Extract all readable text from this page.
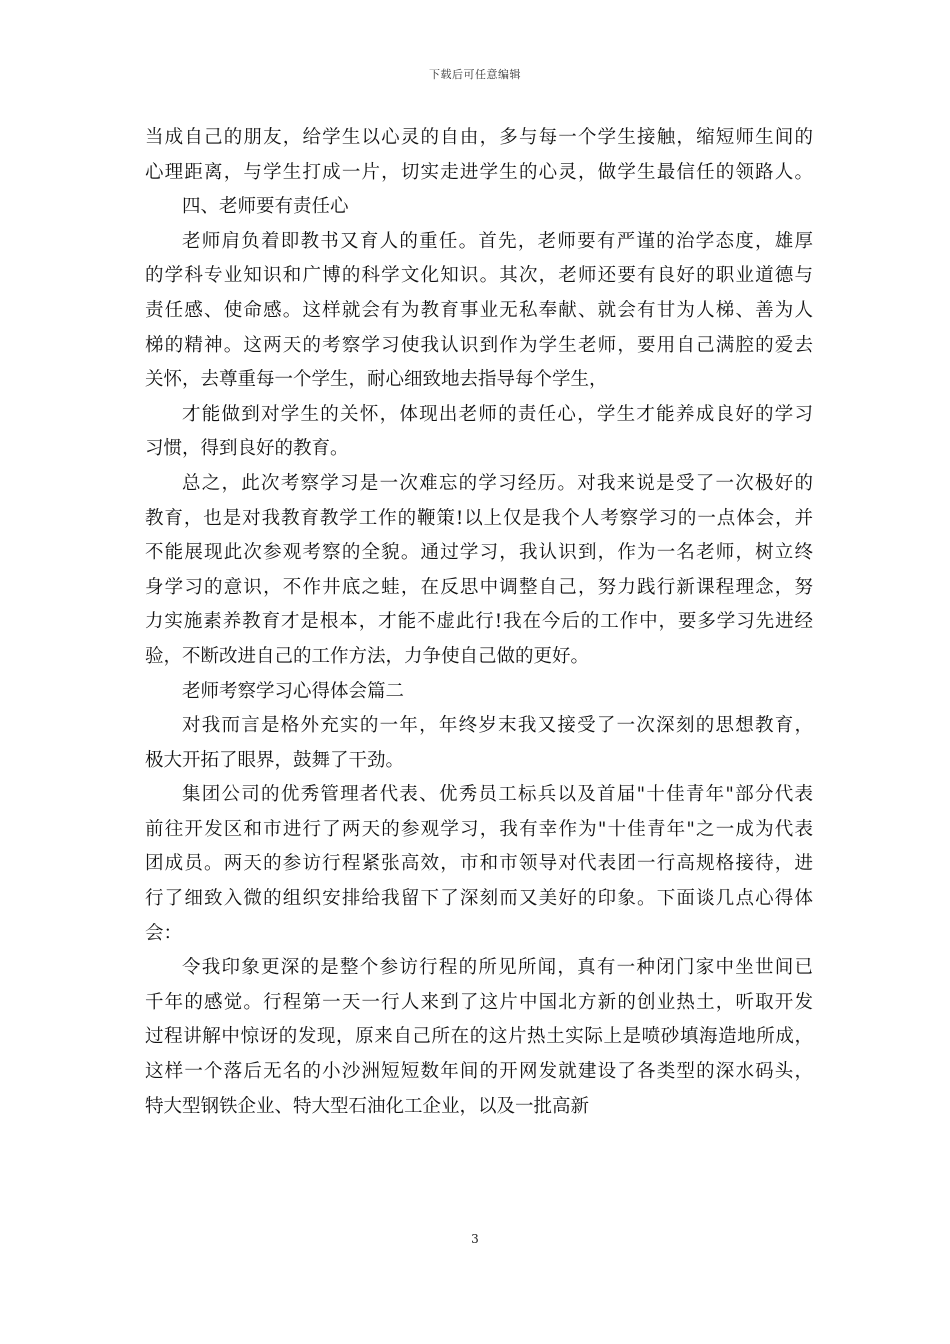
下载后可任意编辑
当成自己的朋友，给学生以心灵的自由，多与每一个学生接触，缩短师生间的
心理距离，与学生打成一片，切实走进学生的心灵，做学生最信任的领路人。
四、老师要有责任心
老师肩负着即教书又育人的重任。首先，老师要有严谨的治学态度，雄厚
的学科专业知识和广博的科学文化知识。其次，老师还要有良好的职业道德与
责任感、使命感。这样就会有为教育事业无私奉献、就会有甘为人梯、善为人
梯的精神。这两天的考察学习使我认识到作为学生老师，要用自己满腔的爱去
关怀，去尊重每一个学生，耐心细致地去指导每个学生，
才能做到对学生的关怀，体现出老师的责任心，学生才能养成良好的学习
习惯，得到良好的教育。
总之，此次考察学习是一次难忘的学习经历。对我来说是受了一次极好的
教育，也是对我教育教学工作的鞭策!以上仅是我个人考察学习的一点体会，并
不能展现此次参观考察的全貌。通过学习，我认识到，作为一名老师，树立终
身学习的意识，不作井底之蛙，在反思中调整自己，努力践行新课程理念，努
力实施素养教育才是根本，才能不虚此行!我在今后的工作中，要多学习先进经
验，不断改进自己的工作方法，力争使自己做的更好。
老师考察学习心得体会篇二
对我而言是格外充实的一年，年终岁末我又接受了一次深刻的思想教育，
极大开拓了眼界，鼓舞了干劲。
集团公司的优秀管理者代表、优秀员工标兵以及首届"十佳青年"部分代表
前往开发区和市进行了两天的参观学习，我有幸作为"十佳青年"之一成为代表
团成员。两天的参访行程紧张高效，市和市领导对代表团一行高规格接待，进
行了细致入微的组织安排给我留下了深刻而又美好的印象。下面谈几点心得体
会：
令我印象更深的是整个参访行程的所见所闻，真有一种闭门家中坐世间已
千年的感觉。行程第一天一行人来到了这片中国北方新的创业热土，听取开发
过程讲解中惊讶的发现，原来自己所在的这片热土实际上是喷砂填海造地所成，
这样一个落后无名的小沙洲短短数年间的开网发就建设了各类型的深水码头，
特大型钢铁企业、特大型石油化工企业，以及一批高新
3
